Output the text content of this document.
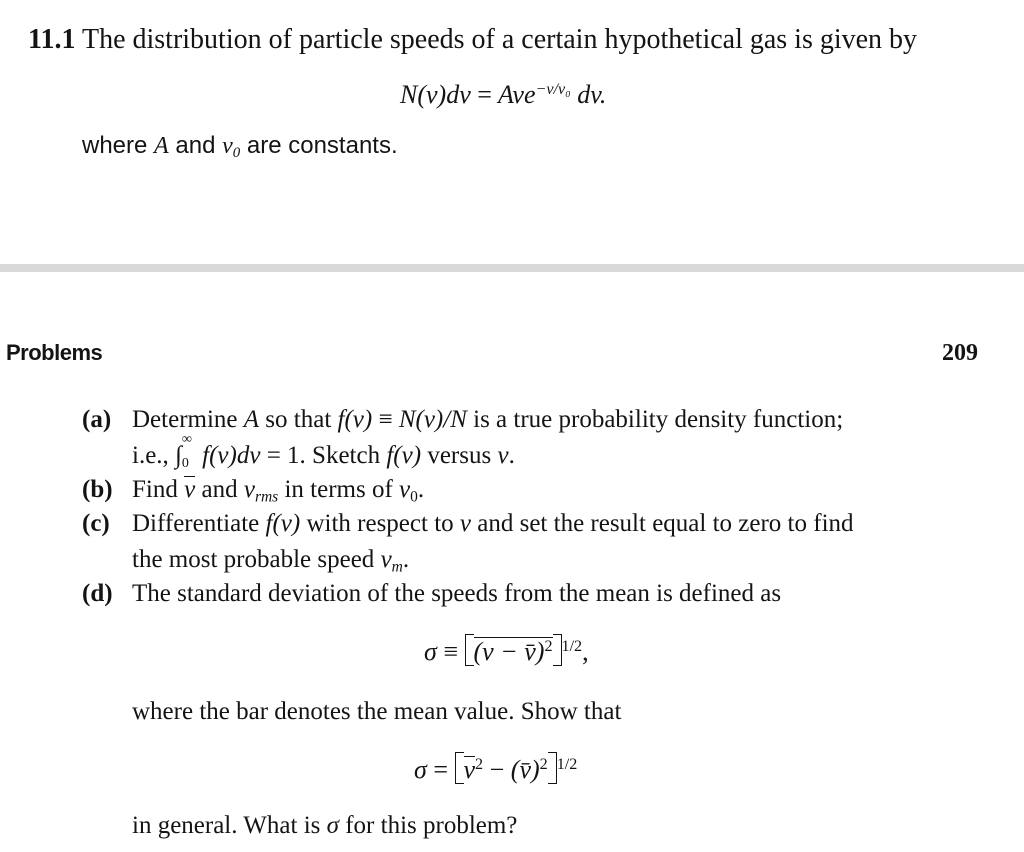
11.1 The distribution of particle speeds of a certain hypothetical gas is given by
N(v)dv = Ave$^{-v/v_0}$ dv.
where A and $v_0$ are constants.
Problems	209
(a) Determine A so that f(v) ≡ N(v)/N is a true probability density function;
i.e., ∫
∞
0 f(v)dv = 1. Sketch f(v) versus v.
(b) Find v and $v_{rms}$ in terms of $v_0$.
(c) Differentiate f(v) with respect to v and set the result equal to zero to find
the most probable speed $v_m$.
(d) The standard deviation of the speeds from the mean is defined as
σ ≡ (v − v̄)$^2$ $^{1/2}$,
where the bar denotes the mean value. Show that
$\sigma = v^2$ − (v̄)$^2$ $^{1/2}$
in general. What is σ for this problem?
